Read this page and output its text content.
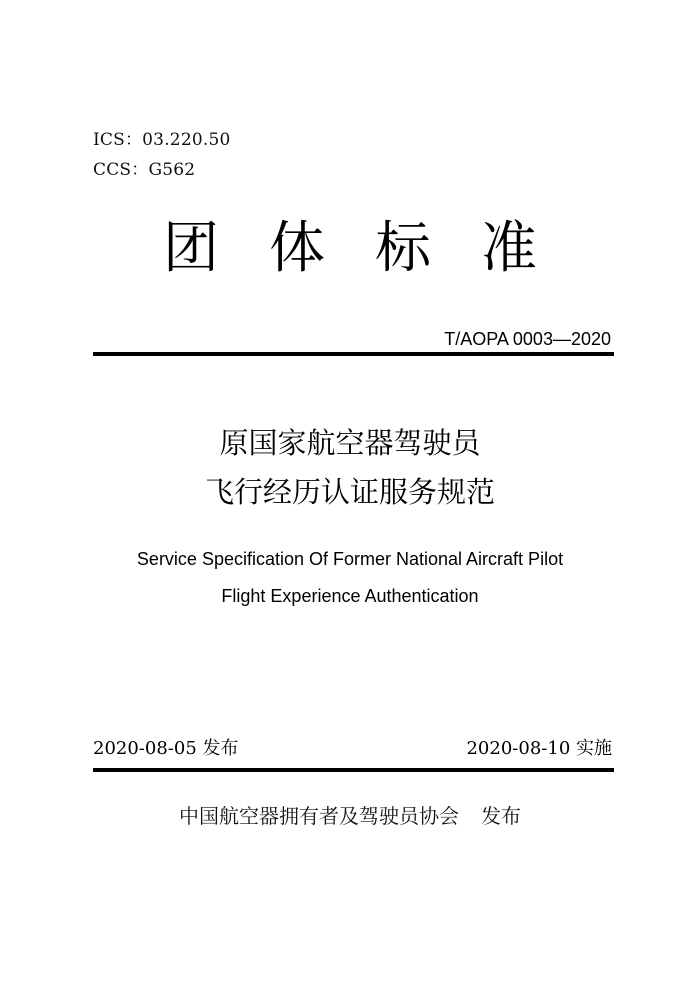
ICS：03.220.50
CCS：G562
团 体 标 准
T/AOPA 0003—2020
原国家航空器驾驶员
飞行经历认证服务规范
Service Specification Of Former National Aircraft Pilot
Flight Experience Authentication
2020-08-05 发布	2020-08-10 实施
中国航空器拥有者及驾驶员协会 发布
